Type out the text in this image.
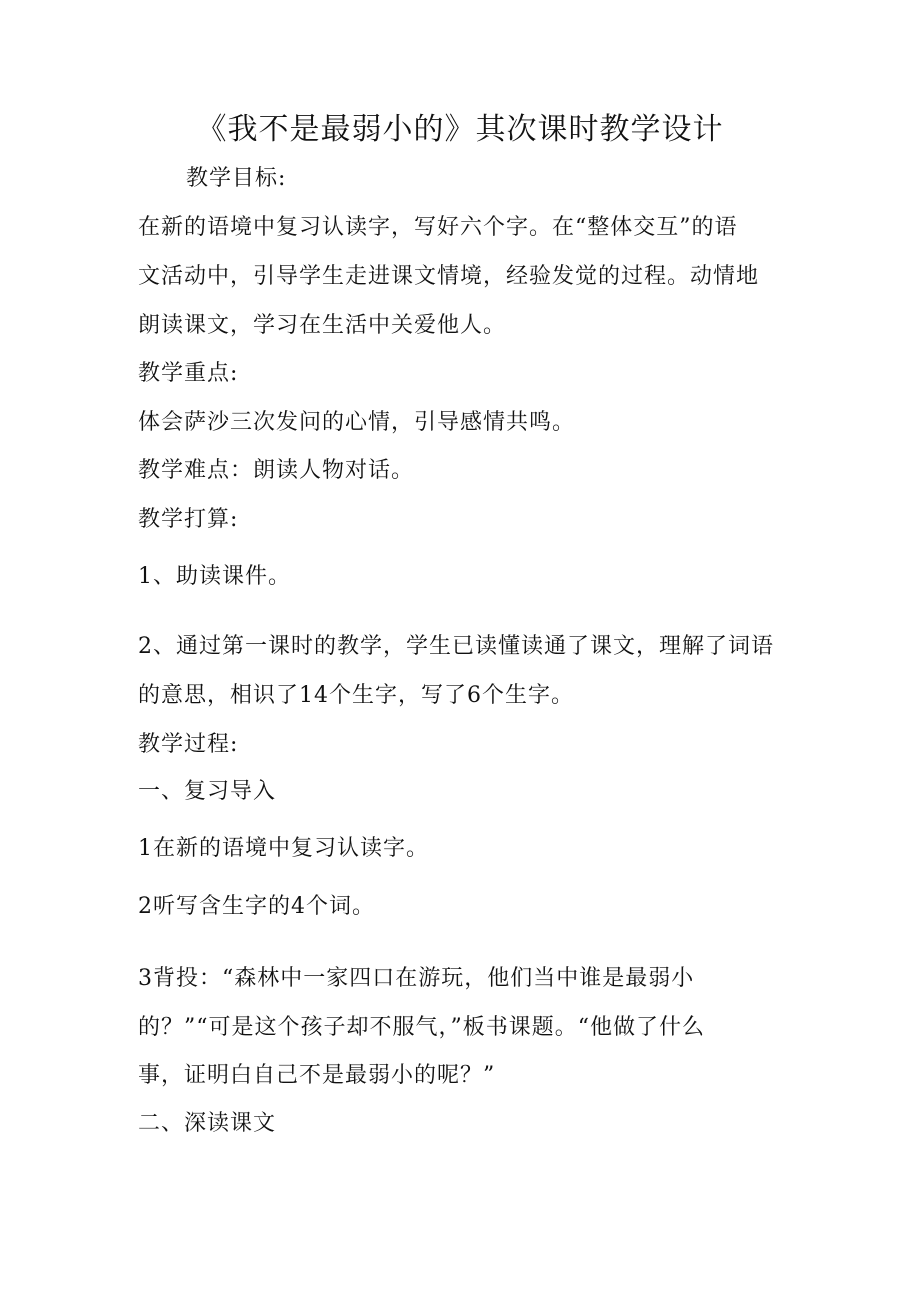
《我不是最弱小的》其次课时教学设计
教学目标:
在新的语境中复习认读字，写好六个字。在“整体交互”的语
文活动中，引导学生走进课文情境，经验发觉的过程。动情地
朗读课文，学习在生活中关爱他人。
教学重点:
体会萨沙三次发问的心情，引导感情共鸣。
教学难点：朗读人物对话。
教学打算:
1、助读课件。
2、通过第一课时的教学，学生已读懂读通了课文，理解了词语
的意思，相识了14个生字，写了6个生字。
教学过程:
一、复习导入
1在新的语境中复习认读字。
2听写含生字的4个词。
3背投：“森林中一家四口在游玩，他们当中谁是最弱小
的？”“可是这个孩子却不服气，”板书课题。“他做了什么
事，证明白自己不是最弱小的呢？”
二、深读课文
